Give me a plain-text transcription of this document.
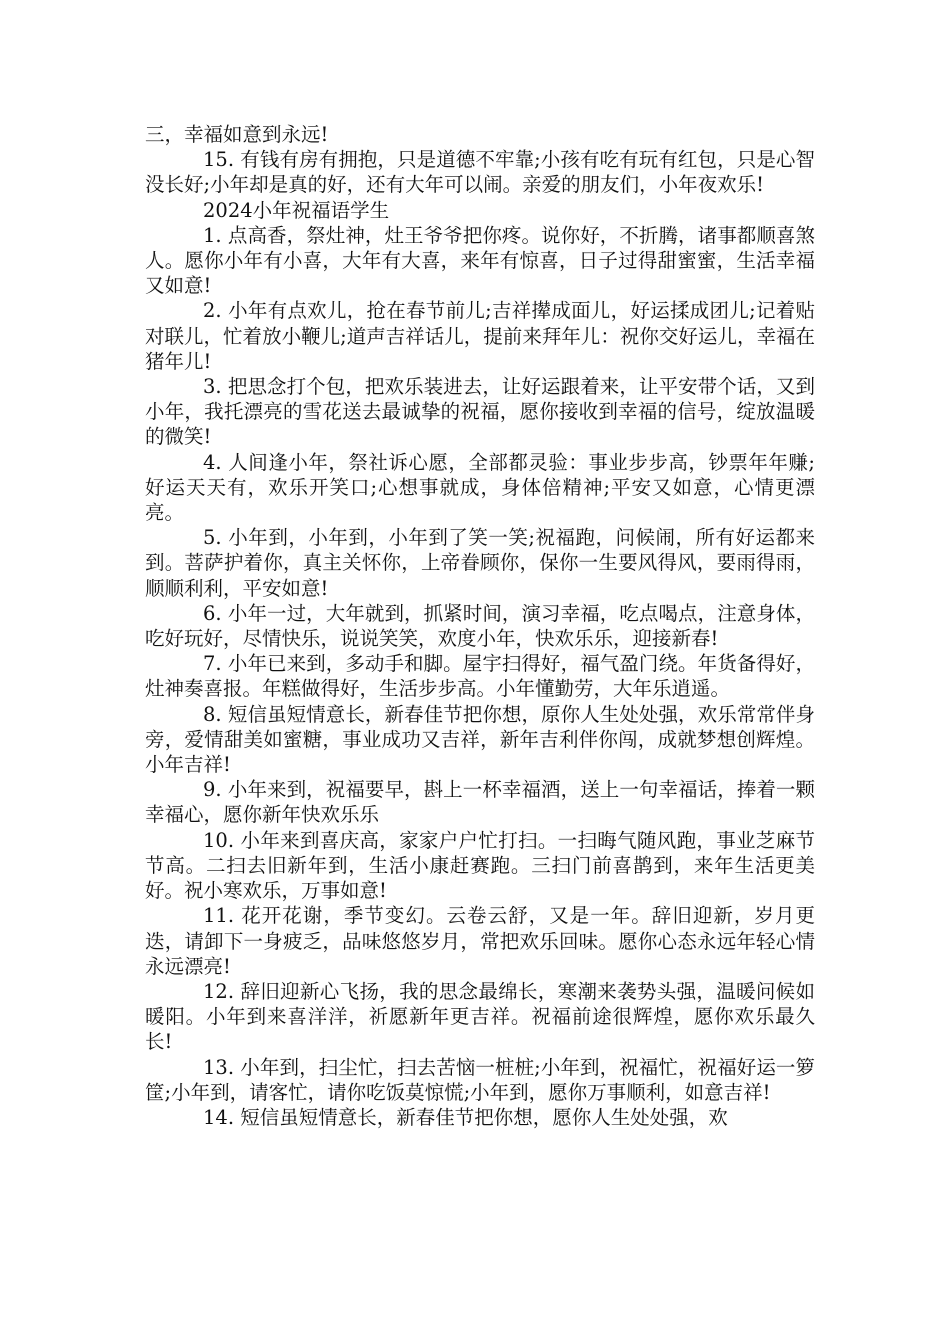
三，幸福如意到永远!

15. 有钱有房有拥抱，只是道德不牢靠;小孩有吃有玩有红包，只是心智没长好;小年却是真的好，还有大年可以闹。亲爱的朋友们，小年夜欢乐!

2024小年祝福语学生

1. 点高香，祭灶神，灶王爷爷把你疼。说你好，不折腾，诸事都顺喜煞人。愿你小年有小喜，大年有大喜，来年有惊喜，日子过得甜蜜蜜，生活幸福又如意!

2. 小年有点欢儿，抢在春节前儿;吉祥撵成面儿，好运揉成团儿;记着贴对联儿，忙着放小鞭儿;道声吉祥话儿，提前来拜年儿：祝你交好运儿，幸福在猪年儿!

3. 把思念打个包，把欢乐装进去，让好运跟着来，让平安带个话，又到小年，我托漂亮的雪花送去最诚挚的祝福，愿你接收到幸福的信号，绽放温暖的微笑!

4. 人间逢小年，祭社诉心愿，全部都灵验：事业步步高，钞票年年赚;好运天天有，欢乐开笑口;心想事就成，身体倍精神;平安又如意，心情更漂亮。

5. 小年到，小年到，小年到了笑一笑;祝福跑，问候闹，所有好运都来到。菩萨护着你，真主关怀你，上帝眷顾你，保你一生要风得风，要雨得雨，顺顺利利，平安如意!

6. 小年一过，大年就到，抓紧时间，演习幸福，吃点喝点，注意身体，吃好玩好，尽情快乐，说说笑笑，欢度小年，快欢乐乐，迎接新春!

7. 小年已来到，多动手和脚。屋宇扫得好，福气盈门绕。年货备得好，灶神奏喜报。年糕做得好，生活步步高。小年懂勤劳，大年乐逍遥。

8. 短信虽短情意长，新春佳节把你想，原你人生处处强，欢乐常常伴身旁，爱情甜美如蜜糖，事业成功又吉祥，新年吉利伴你闯，成就梦想创辉煌。小年吉祥!

9. 小年来到，祝福要早，斟上一杯幸福酒，送上一句幸福话，捧着一颗幸福心，愿你新年快欢乐乐

10. 小年来到喜庆高，家家户户忙打扫。一扫晦气随风跑，事业芝麻节节高。二扫去旧新年到，生活小康赶赛跑。三扫门前喜鹊到，来年生活更美好。祝小寒欢乐，万事如意!

11. 花开花谢，季节变幻。云卷云舒，又是一年。辞旧迎新，岁月更迭，请卸下一身疲乏，品味悠悠岁月，常把欢乐回味。愿你心态永远年轻心情永远漂亮!

12. 辞旧迎新心飞扬，我的思念最绵长，寒潮来袭势头强，温暖问候如暖阳。小年到来喜洋洋，祈愿新年更吉祥。祝福前途很辉煌，愿你欢乐最久长!

13. 小年到，扫尘忙，扫去苦恼一桩桩;小年到，祝福忙，祝福好运一箩筐;小年到，请客忙，请你吃饭莫惊慌;小年到，愿你万事顺利，如意吉祥!

14. 短信虽短情意长，新春佳节把你想，愿你人生处处强，欢
